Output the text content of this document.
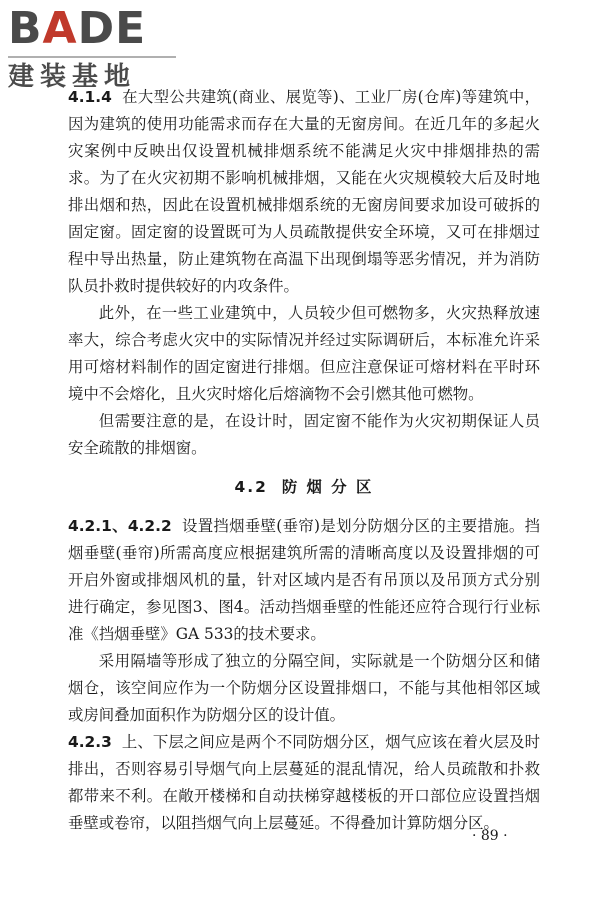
BADE
建装基地

4.1.4 在大型公共建筑(商业、展览等)、工业厂房(仓库)等建筑中，因为建筑的使用功能需求而存在大量的无窗房间。在近几年的多起火灾案例中反映出仅设置机械排烟系统不能满足火灾中排烟排热的需求。为了在火灾初期不影响机械排烟，又能在火灾规模较大后及时地排出烟和热，因此在设置机械排烟系统的无窗房间要求加设可破拆的固定窗。固定窗的设置既可为人员疏散提供安全环境，又可在排烟过程中导出热量，防止建筑物在高温下出现倒塌等恶劣情况，并为消防队员扑救时提供较好的内攻条件。

此外，在一些工业建筑中，人员较少但可燃物多，火灾热释放速率大，综合考虑火灾中的实际情况并经过实际调研后，本标准允许采用可熔材料制作的固定窗进行排烟。但应注意保证可熔材料在平时环境中不会熔化，且火灾时熔化后熔滴物不会引燃其他可燃物。

但需要注意的是，在设计时，固定窗不能作为火灾初期保证人员安全疏散的排烟窗。

4.2 防 烟 分 区

4.2.1、4.2.2 设置挡烟垂壁(垂帘)是划分防烟分区的主要措施。挡烟垂壁(垂帘)所需高度应根据建筑所需的清晰高度以及设置排烟的可开启外窗或排烟风机的量，针对区域内是否有吊顶以及吊顶方式分别进行确定，参见图3、图4。活动挡烟垂壁的性能还应符合现行行业标准《挡烟垂壁》GA 533的技术要求。

采用隔墙等形成了独立的分隔空间，实际就是一个防烟分区和储烟仓，该空间应作为一个防烟分区设置排烟口，不能与其他相邻区域或房间叠加面积作为防烟分区的设计值。

4.2.3 上、下层之间应是两个不同防烟分区，烟气应该在着火层及时排出，否则容易引导烟气向上层蔓延的混乱情况，给人员疏散和扑救都带来不利。在敞开楼梯和自动扶梯穿越楼板的开口部位应设置挡烟垂壁或卷帘，以阻挡烟气向上层蔓延。不得叠加计算防烟分区。

· 89 ·
